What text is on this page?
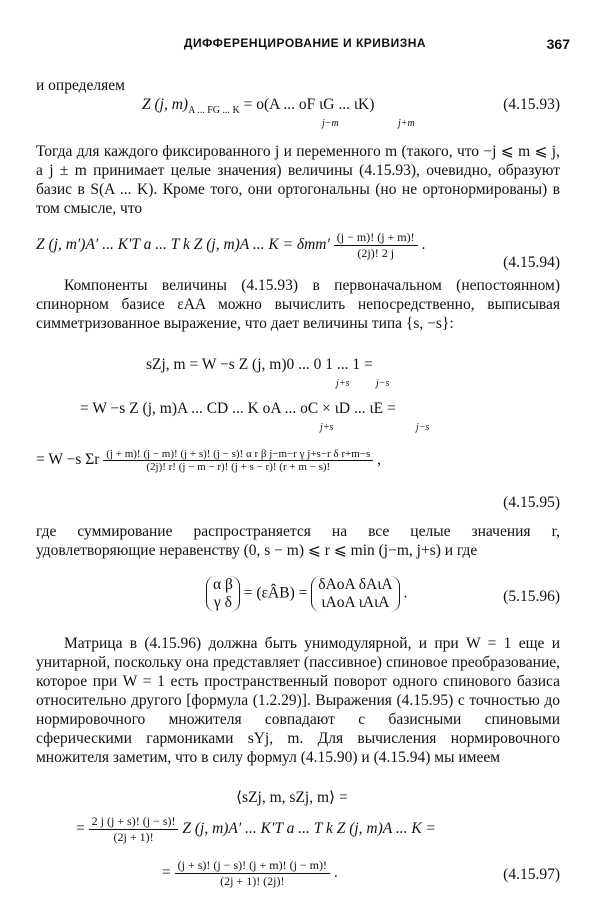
ДИФФЕРЕНЦИРОВАНИЕ И КРИВИЗНА	367
и определяем
Z (j, $m)_{A ... FG ... K} = o(A$ ... oF ιG ... ιK)
j−m	j+m
(4.15.93)
Тогда для каждого фиксированного j и переменного m (такого, что −j ⩽ m ⩽ j, а j ± m принимает целые значения) величины (4.15.93), очевидно, образуют базис в S(A ... K). Кроме того, они ортогональны (но не ортонормированы) в том смысле, что
Z (j, m′)A′ ... K′T a ... T k Z (j, m)A ... $K = \delta mm' \frac{(j - m)! (j + m)!}{(2j)! 2 j}$ .
(4.15.94)
Компоненты величины (4.15.93) в первоначальном (непостоянном) спинорном базисе εAA можно вычислить непосредственно, выписывая симметризованное выражение, что дает величины типа {s, −s}:
sZj, m = W −s Z (j, m)0 ... 0 1 ... 1 =
j+s	j−s
= W −s Z (j, m)A ... CD ... K oA ... oC × ιD ... ιE =
j+s	j−s
= W −s Σr (j + m)! (j − m)! (j + s)! (j − s)! α r β j−m−r γ j+s−r δ r+m−s
(2j)! r! (j − m − r)! (j + s − r)! (r + m − s)!	,
(4.15.95)
где суммирование распространяется на все целые значения r, удовлетворяющие неравенству (0, s − m) ⩽ r ⩽ min (j−m, j+s) и где
α β
γ δ
= (εÂB) =
δAoA δAιA
ιAoA ιAιA
.	(5.15.96)
Матрица в (4.15.96) должна быть унимодулярной, и при W = 1 еще и унитарной, поскольку она представляет (пассивное) спиновое преобразование, которое при W = 1 есть пространственный поворот одного спинового базиса относительно другого [формула (1.2.29)]. Выражения (4.15.95) с точностью до нормировочного множителя совпадают с базисными спиновыми сферическими гармониками sYj, m. Для вычисления нормировочного множителя заметим, что в силу формул (4.15.90) и (4.15.94) мы имеем
⟨sZj, m, sZj, m⟩ =
= $\frac{2 j (j + s)! (j - s)!}{(2j + 1)!}$ Z (j, m)A′ ... K′T a ... T k Z (j, m)A ... K =
= $\frac{(j + s)! (j - s)! (j + m)! (j - m)!}{(2j + 1)! (2j)!}$ .	(4.15.97)
